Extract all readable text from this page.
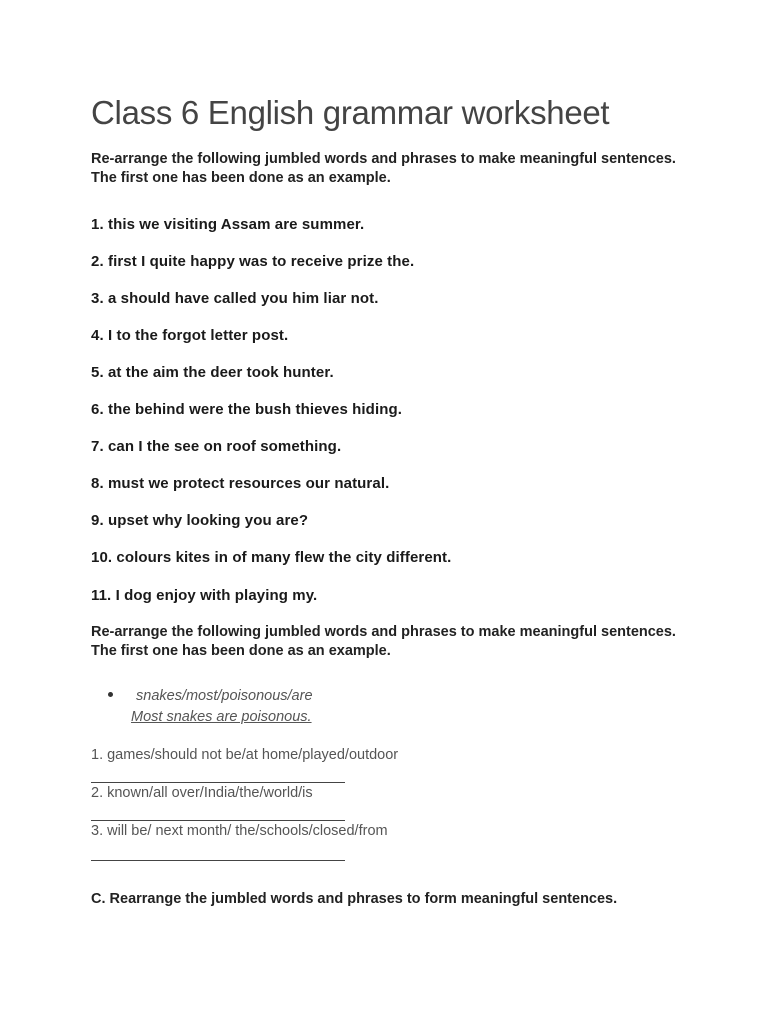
Class 6 English grammar worksheet

Re-arrange the following jumbled words and phrases to make meaningful sentences. The first one has been done as an example.

1. this we visiting Assam are summer.

2. first I quite happy was to receive prize the.

3. a should have called you him liar not.

4. I to the forgot letter post.

5. at the aim the deer took hunter.

6. the behind were the bush thieves hiding.

7. can I the see on roof something.

8. must we protect resources our natural.

9. upset why looking you are?

10. colours kites in of many flew the city different.

11. I dog enjoy with playing my.

Re-arrange the following jumbled words and phrases to make meaningful sentences. The first one has been done as an example.

snakes/most/poisonous/are
Most snakes are poisonous.
1. games/should not be/at home/played/outdoor
2. known/all over/India/the/world/is
3. will be/ next month/ the/schools/closed/from

C. Rearrange the jumbled words and phrases to form meaningful sentences.
